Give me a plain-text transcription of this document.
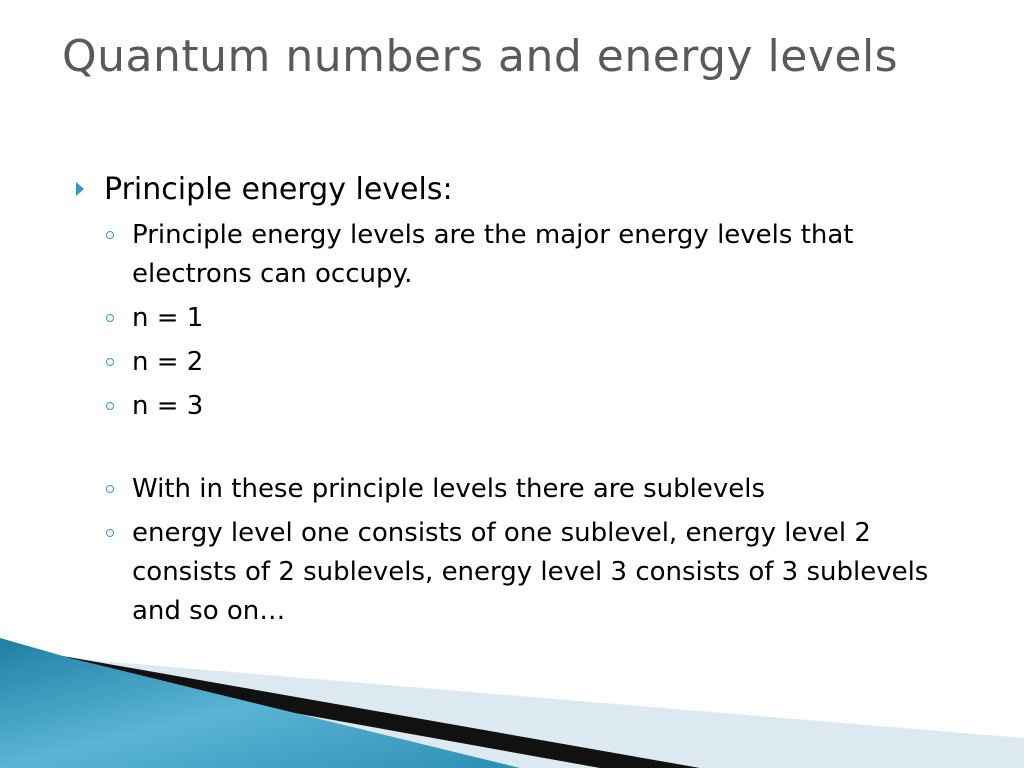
Quantum numbers and energy levels
Principle energy levels:
Principle energy levels are the major energy levels that electrons can occupy.
n = 1
n = 2
n = 3
With in these principle levels there are sublevels
energy level one consists of one sublevel, energy level 2 consists of 2 sublevels, energy level 3 consists of 3 sublevels and so on…
